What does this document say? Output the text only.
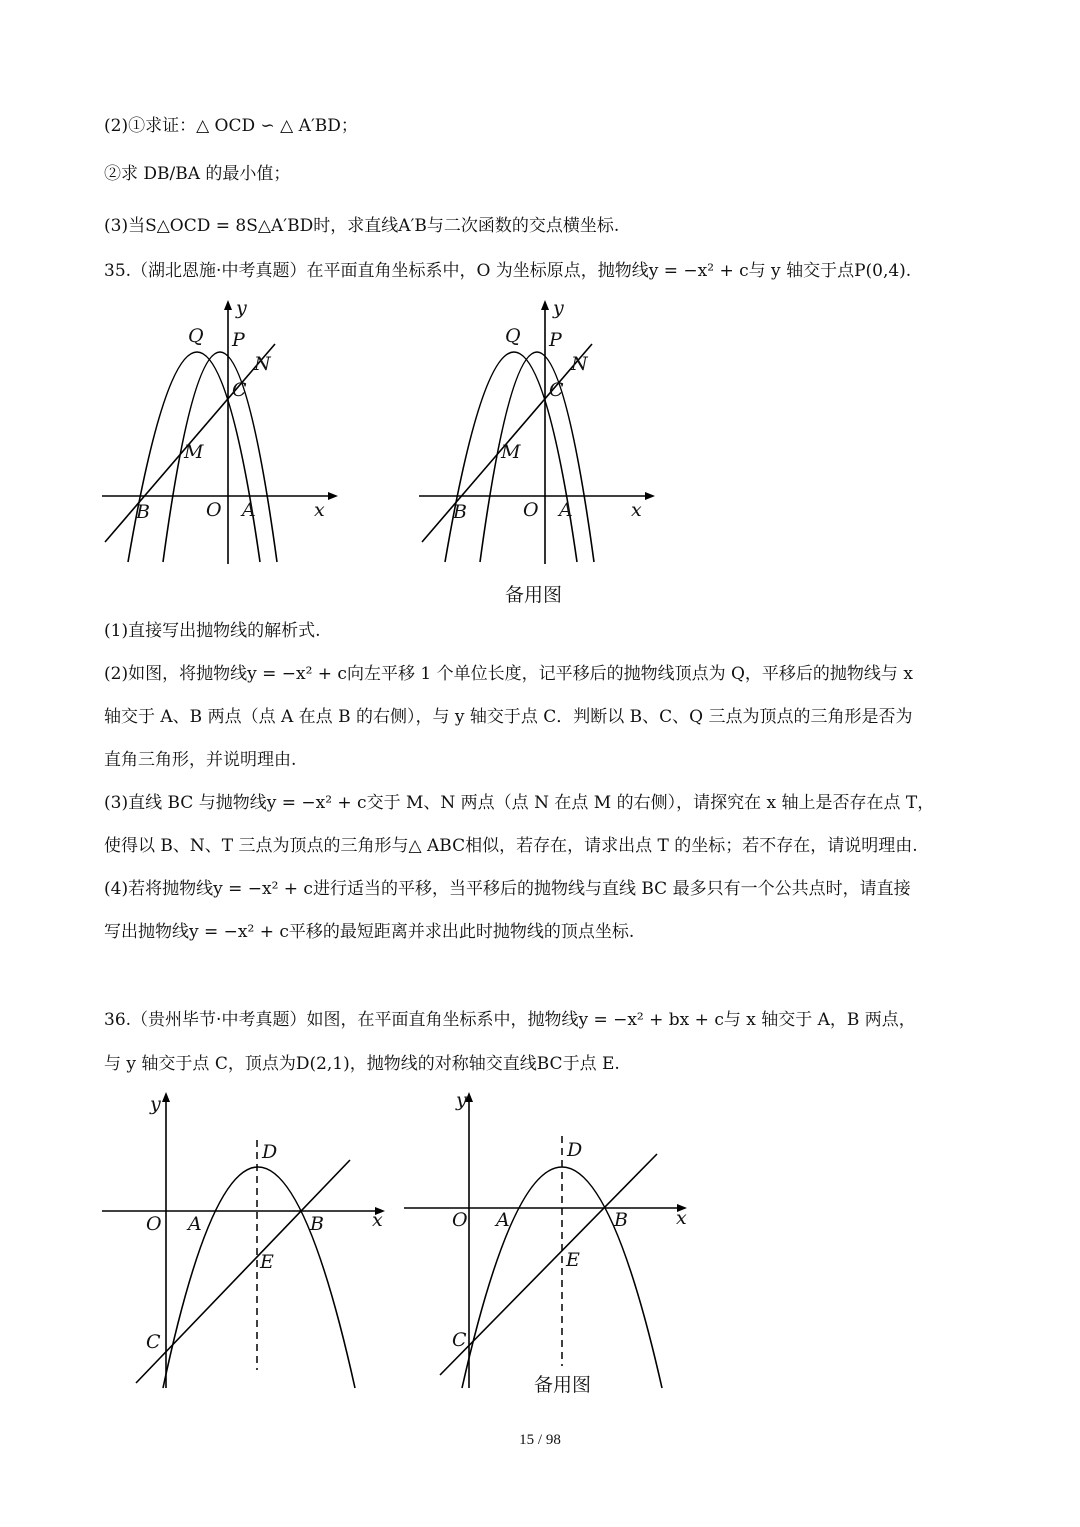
(2)①求证：△ OCD ∽ △ A′BD；
②求 DB/BA 的最小值；
(3)当S△OCD = 8S△A′BD时，求直线A′B与二次函数的交点横坐标.
35.（湖北恩施·中考真题）在平面直角坐标系中，O 为坐标原点，抛物线y = −x² + c与 y 轴交于点P(0,4).
y
Q P
N
C
M
B	O A	x
y
Q P
N
C
M
B	O A	x
备用图
(1)直接写出抛物线的解析式.
(2)如图，将抛物线y = −x² + c向左平移 1 个单位长度，记平移后的抛物线顶点为 Q，平移后的抛物线与 x
轴交于 A、B 两点（点 A 在点 B 的右侧），与 y 轴交于点 C．判断以 B、C、Q 三点为顶点的三角形是否为
直角三角形，并说明理由.
(3)直线 BC 与抛物线y = −x² + c交于 M、N 两点（点 N 在点 M 的右侧），请探究在 x 轴上是否存在点 T，
使得以 B、N、T 三点为顶点的三角形与△ ABC相似，若存在，请求出点 T 的坐标；若不存在，请说明理由.
(4)若将抛物线y = −x² + c进行适当的平移，当平移后的抛物线与直线 BC 最多只有一个公共点时，请直接
写出抛物线y = −x² + c平移的最短距离并求出此时抛物线的顶点坐标.
36.（贵州毕节·中考真题）如图，在平面直角坐标系中，抛物线y = −x² + bx + c与 x 轴交于 A，B 两点，
与 y 轴交于点 C，顶点为D(2,1)，抛物线的对称轴交直线BC于点 E.
y
D
O A	B	x
E
C
y
D
O A	B	x
E
C
备用图
15 / 98
